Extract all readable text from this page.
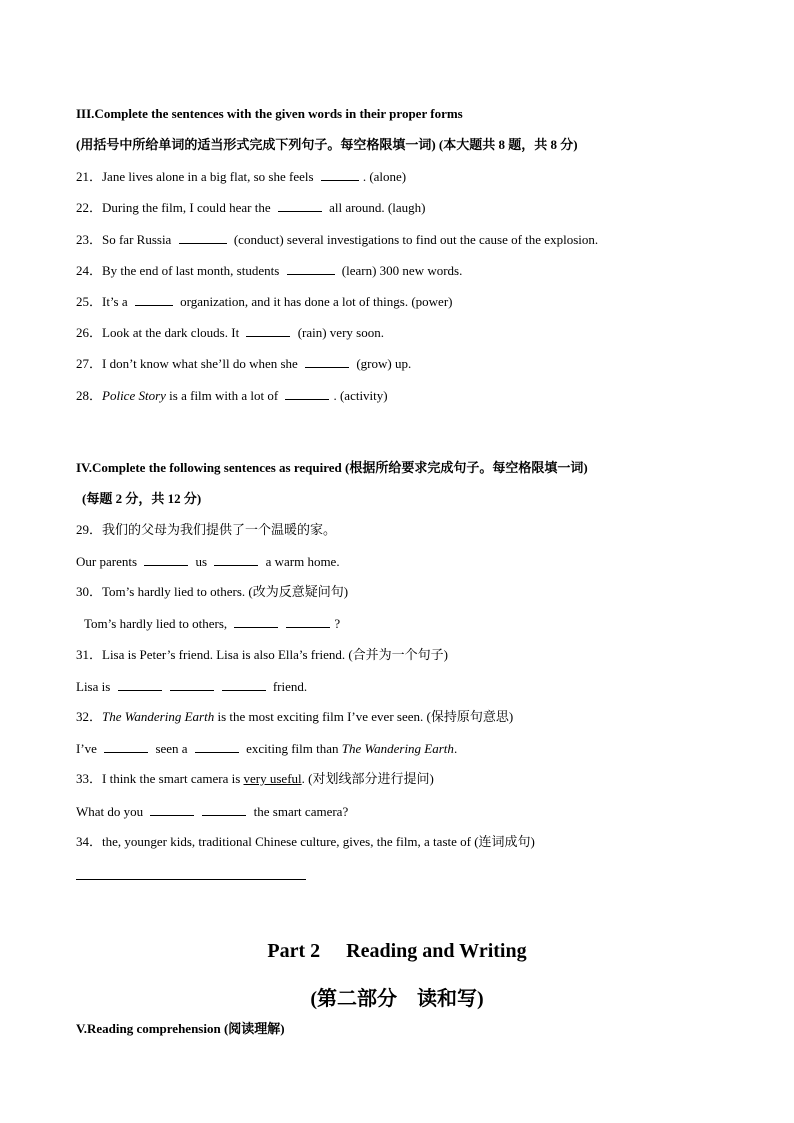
III.Complete the sentences with the given words in their proper forms
(用括号中所给单词的适当形式完成下列句子。每空格限填一词) (本大题共 8 题，共 8 分)
21．Jane lives alone in a big flat, so she feels	. (alone)
22．During the film, I could hear the	all around. (laugh)
23．So far Russia	(conduct) several investigations to find out the cause of the explosion.
24．By the end of last month, students	(learn) 300 new words.
25．It’s a	organization, and it has done a lot of things. (power)
26．Look at the dark clouds. It	(rain) very soon.
27．I don’t know what she’ll do when she	(grow) up.
28．Police Story is a film with a lot of	. (activity)
IV.Complete the following sentences as required (根据所给要求完成句子。每空格限填一词)
(每题 2 分，共 12 分)
29．我们的父母为我们提供了一个温暖的家。
Our parents	us	a warm home.
30．Tom’s hardly lied to others. (改为反意疑问句)
Tom’s hardly lied to others,	?
31．Lisa is Peter’s friend. Lisa is also Ella’s friend. (合并为一个句子)
Lisa is	friend.
32．The Wandering Earth is the most exciting film I’ve ever seen. (保持原句意思)
I’ve	seen a	exciting film than The Wandering Earth.
33．I think the smart camera is very useful. (对划线部分进行提问)
What do you	the smart camera?
34．the, younger kids, traditional Chinese culture, gives, the film, a taste of (连词成句)
Part 2 Reading and Writing
(第二部分　读和写)
V.Reading comprehension (阅读理解)
